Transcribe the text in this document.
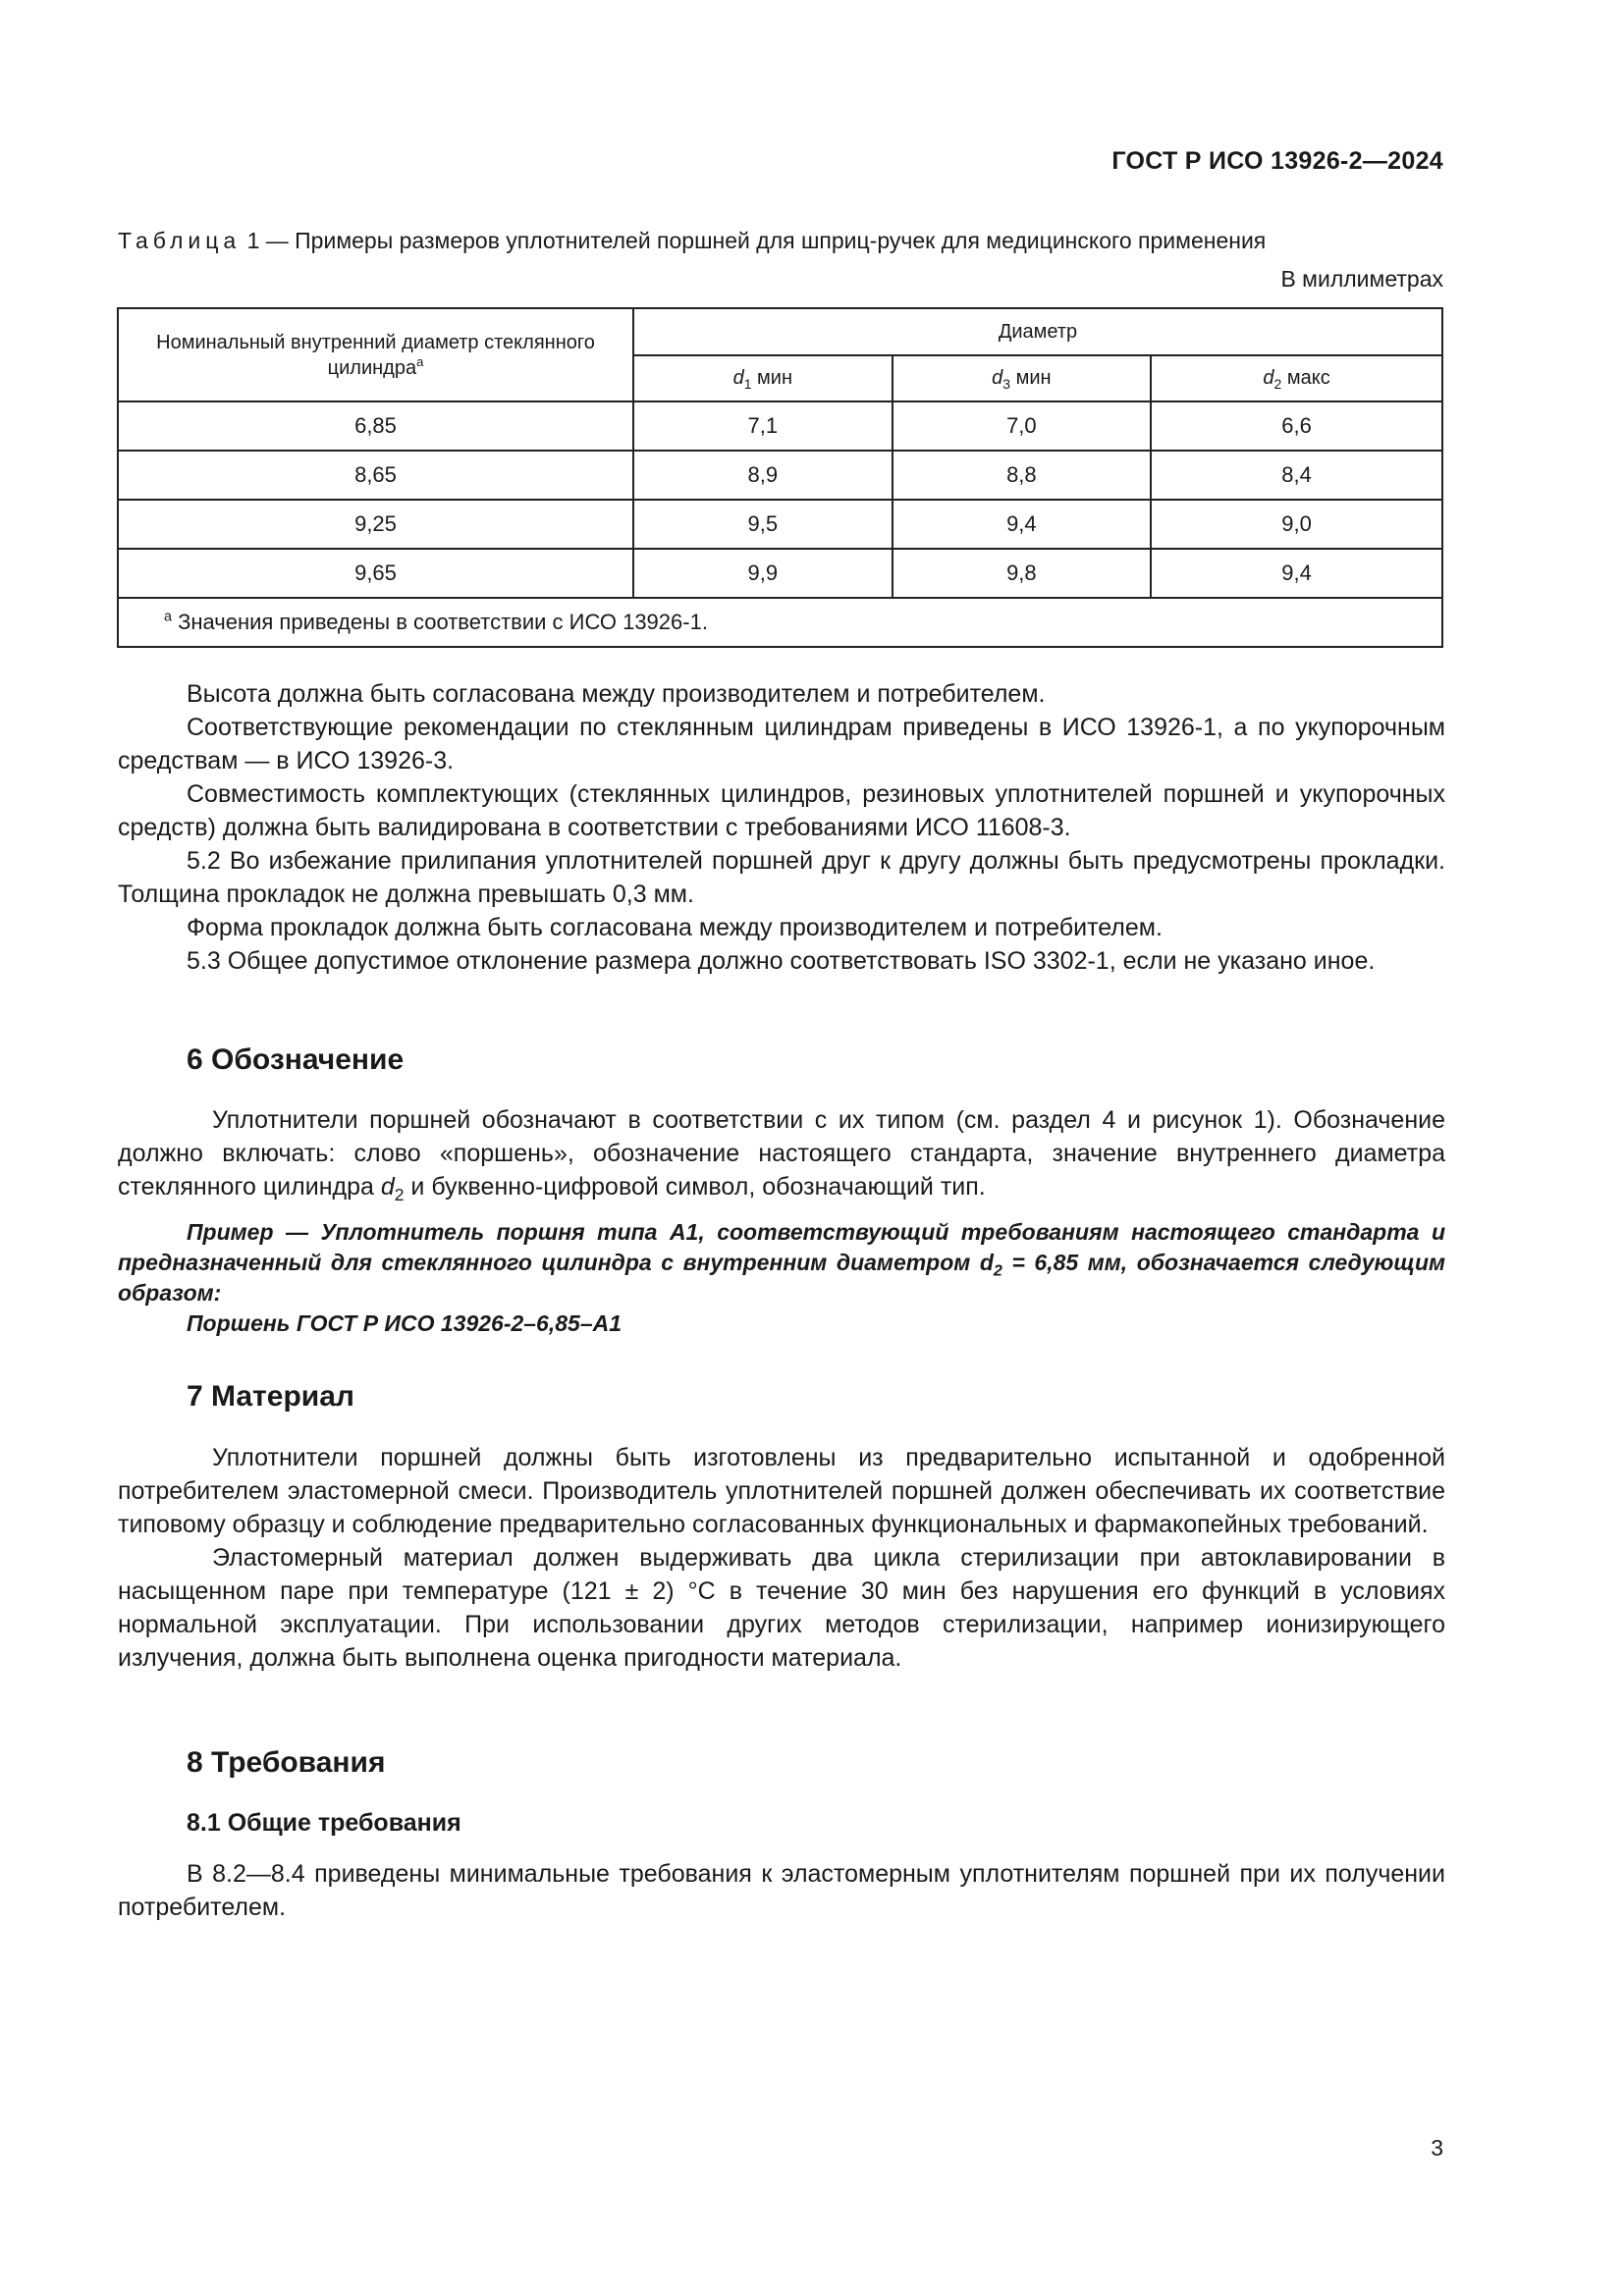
ГОСТ Р ИСО 13926-2—2024
Таблица 1 — Примеры размеров уплотнителей поршней для шприц-ручек для медицинского применения
В миллиметрах
Номинальный внутренний диаметр стеклянного цилиндра$^a$	Диаметр		
	$d_1$ мин	$d_3$ мин	$d_2$ макс
6,85	7,1	7,0	6,6
8,65	8,9	8,8	8,4
9,25	9,5	9,4	9,0
9,65	9,9	9,8	9,4
$^a$ Значения приведены в соответствии с ИСО 13926-1.			

Высота должна быть согласована между производителем и потребителем.

Соответствующие рекомендации по стеклянным цилиндрам приведены в ИСО 13926-1, а по укупорочным средствам — в ИСО 13926-3.

Совместимость комплектующих (стеклянных цилиндров, резиновых уплотнителей поршней и укупорочных средств) должна быть валидирована в соответствии с требованиями ИСО 11608-3.

5.2 Во избежание прилипания уплотнителей поршней друг к другу должны быть предусмотрены прокладки. Толщина прокладок не должна превышать 0,3 мм.

Форма прокладок должна быть согласована между производителем и потребителем.

5.3 Общее допустимое отклонение размера должно соответствовать ISO 3302-1, если не указано иное.

6 Обозначение

Уплотнители поршней обозначают в соответствии с их типом (см. раздел 4 и рисунок 1). Обозначение должно включать: слово «поршень», обозначение настоящего стандарта, значение внутреннего диаметра стеклянного цилиндра $d_2$ и буквенно-цифровой символ, обозначающий тип.

Пример — Уплотнитель поршня типа А1, соответствующий требованиям настоящего стандарта и предназначенный для стеклянного цилиндра с внутренним диаметром $d_2 = 6,85$ мм, обозначается следующим образом:

Поршень ГОСТ Р ИСО 13926-2–6,85–А1

7 Материал

Уплотнители поршней должны быть изготовлены из предварительно испытанной и одобренной потребителем эластомерной смеси. Производитель уплотнителей поршней должен обеспечивать их соответствие типовому образцу и соблюдение предварительно согласованных функциональных и фармакопейных требований.

Эластомерный материал должен выдерживать два цикла стерилизации при автоклавировании в насыщенном паре при температуре (121 ± 2) °С в течение 30 мин без нарушения его функций в условиях нормальной эксплуатации. При использовании других методов стерилизации, например ионизирующего излучения, должна быть выполнена оценка пригодности материала.

8 Требования
8.1 Общие требования

В 8.2—8.4 приведены минимальные требования к эластомерным уплотнителям поршней при их получении потребителем.

3
